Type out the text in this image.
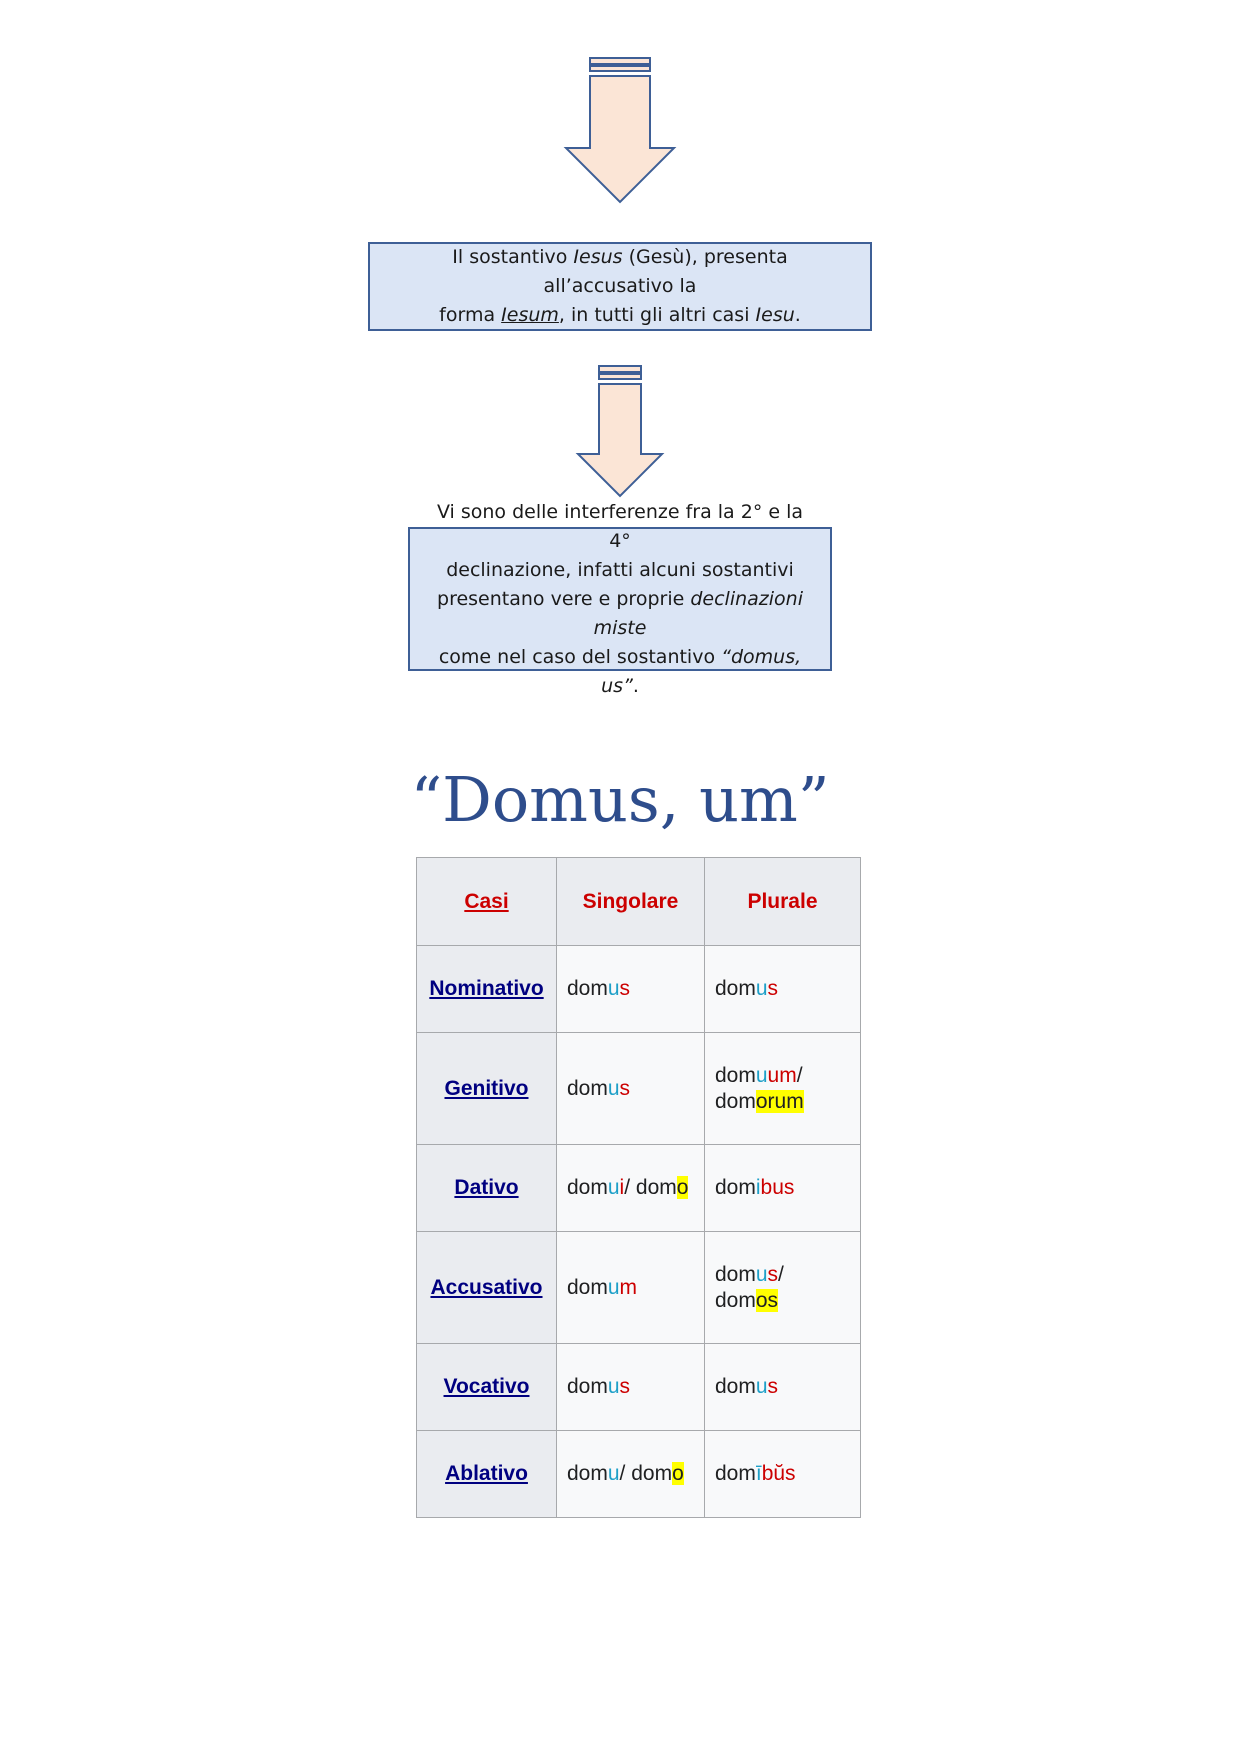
Il sostantivo Iesus (Gesù), presenta all’accusativo la

forma Iesum, in tutti gli altri casi Iesu.

Vi sono delle interferenze fra la 2° e la 4°

declinazione, infatti alcuni sostantivi

presentano vere e proprie declinazioni miste

come nel caso del sostantivo “domus, us”.

“Domus, um”
Casi	Singolare	Plurale
Nominativo	domus	domus
Genitivo	domus	domuum/
domorum
Dativo	domui/ domo	domibus
Accusativo	domum	domus/
domos
Vocativo	domus	domus
Ablativo	domu/ domo	domībŭs
